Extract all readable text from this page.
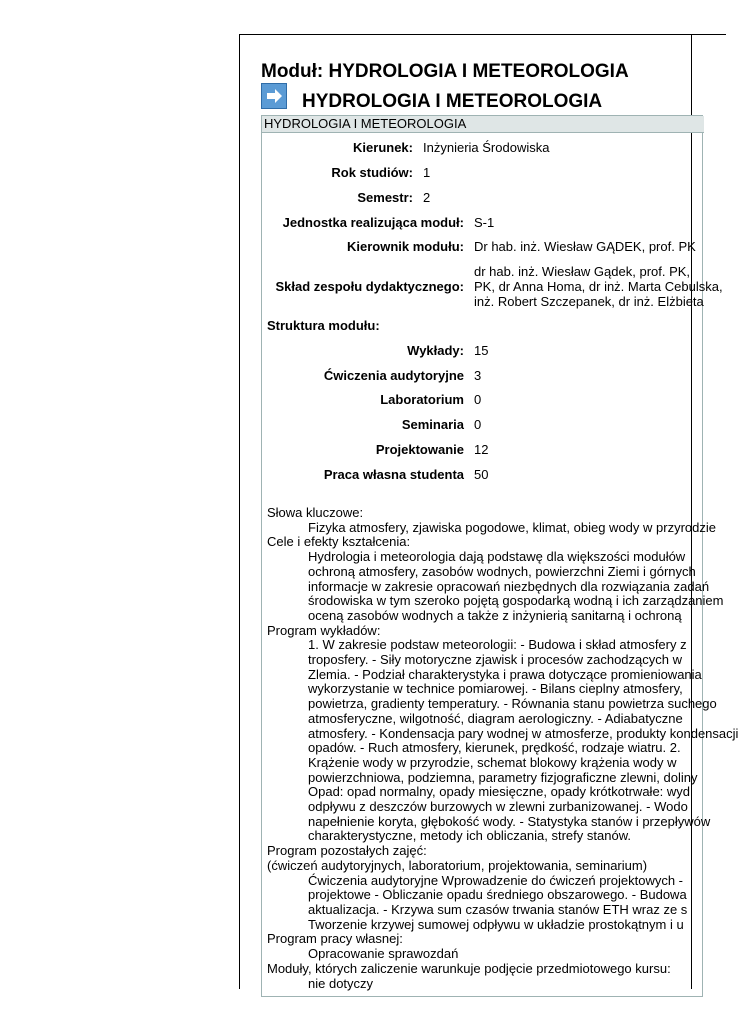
Moduł: HYDROLOGIA I METEOROLOGIA
HYDROLOGIA I METEOROLOGIA
HYDROLOGIA I METEOROLOGIA
Kierunek: Inżynieria Środowiska
Rok studiów: 1
Semestr: 2
Jednostka realizująca moduł: S-1
Kierownik modułu: Dr hab. inż. Wiesław GĄDEK, prof. PK
Skład zespołu dydaktycznego:
dr hab. inż. Wiesław Gądek, prof. PK,
PK, dr Anna Homa, dr inż. Marta Cebulska,
inż. Robert Szczepanek, dr inż. Elżbieta
Struktura modułu:
Wykłady: 15
Ćwiczenia audytoryjne 3
Laboratorium 0
Seminaria 0
Projektowanie 12
Praca własna studenta 50
Słowa kluczowe:
Fizyka atmosfery, zjawiska pogodowe, klimat, obieg wody w przyrodzie
Cele i efekty kształcenia:
Hydrologia i meteorologia dają podstawę dla większości modułów
ochroną atmosfery, zasobów wodnych, powierzchni Ziemi i górnych
informacje w zakresie opracowań niezbędnych dla rozwiązania zadań
środowiska w tym szeroko pojętą gospodarką wodną i ich zarządzaniem
oceną zasobów wodnych a także z inżynierią sanitarną i ochroną
Program wykładów:
1. W zakresie podstaw meteorologii: - Budowa i skład atmosfery z
troposfery. - Siły motoryczne zjawisk i procesów zachodzących w
Zlemia. - Podział charakterystyka i prawa dotyczące promieniowania
wykorzystanie w technice pomiarowej. - Bilans cieplny atmosfery,
powietrza, gradienty temperatury. - Równania stanu powietrza suchego
atmosferyczne, wilgotność, diagram aerologiczny. - Adiabatyczne
atmosfery. - Kondensacja pary wodnej w atmosferze, produkty kondensacji
opadów. - Ruch atmosfery, kierunek, prędkość, rodzaje wiatru. 2.
Krążenie wody w przyrodzie, schemat blokowy krążenia wody w
powierzchniowa, podziemna, parametry fizjograficzne zlewni, doliny
Opad: opad normalny, opady miesięczne, opady krótkotrwałe: wyd
odpływu z deszczów burzowych w zlewni zurbanizowanej. - Wodo
napełnienie koryta, głębokość wody. - Statystyka stanów i przepływów
charakterystyczne, metody ich obliczania, strefy stanów.
Program pozostałych zajęć:
(ćwiczeń audytoryjnych, laboratorium, projektowania, seminarium)
Ćwiczenia audytoryjne Wprowadzenie do ćwiczeń projektowych -
projektowe - Obliczanie opadu średniego obszarowego. - Budowa
aktualizacja. - Krzywa sum czasów trwania stanów ETH wraz ze s
Tworzenie krzywej sumowej odpływu w układzie prostokątnym i u
Program pracy własnej:
Opracowanie sprawozdań
Moduły, których zaliczenie warunkuje podjęcie przedmiotowego kursu:
nie dotyczy
